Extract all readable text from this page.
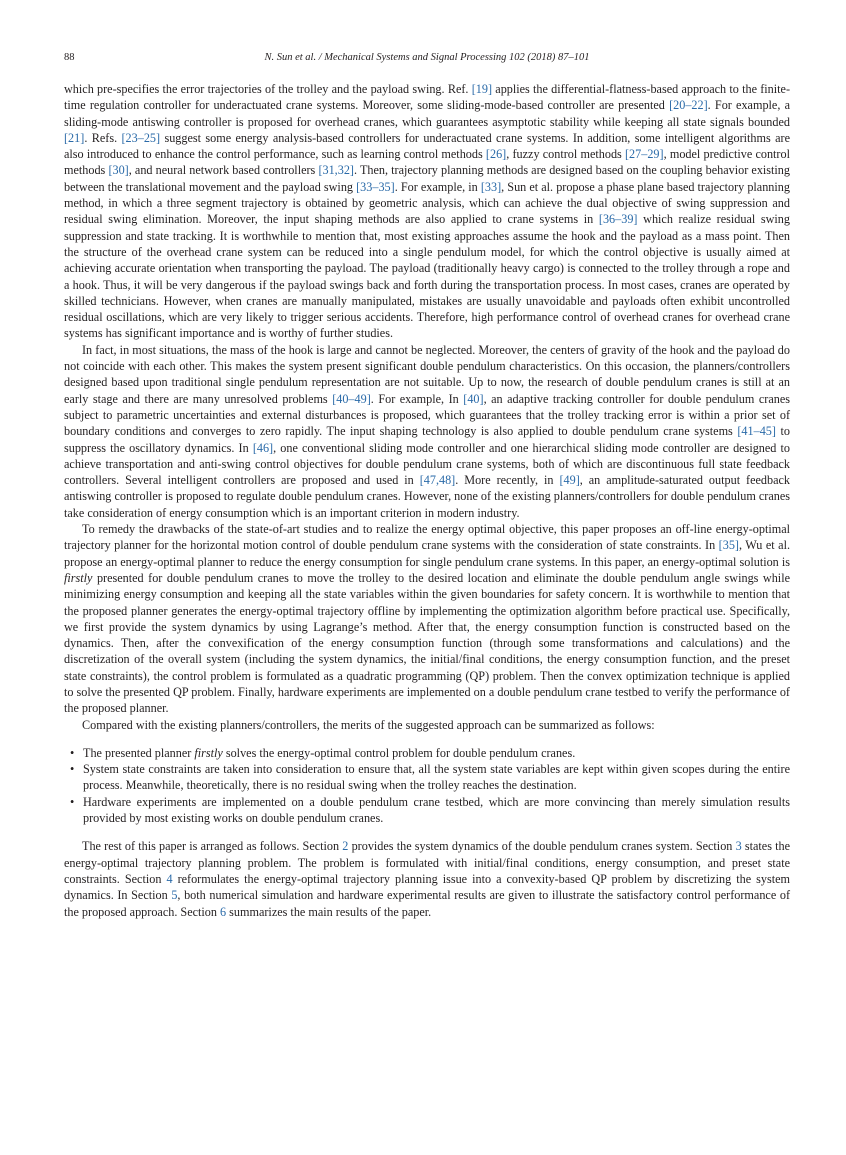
88	N. Sun et al. / Mechanical Systems and Signal Processing 102 (2018) 87–101

which pre-specifies the error trajectories of the trolley and the payload swing. Ref. [19] applies the differential-flatness-based approach to the finite-time regulation controller for underactuated crane systems. Moreover, some sliding-mode-based controller are presented [20–22]. For example, a sliding-mode antiswing controller is proposed for overhead cranes, which guarantees asymptotic stability while keeping all state signals bounded [21]. Refs. [23–25] suggest some energy analysis-based controllers for underactuated crane systems. In addition, some intelligent algorithms are also introduced to enhance the control performance, such as learning control methods [26], fuzzy control methods [27–29], model predictive control methods [30], and neural network based controllers [31,32]. Then, trajectory planning methods are designed based on the coupling behavior existing between the translational movement and the payload swing [33–35]. For example, in [33], Sun et al. propose a phase plane based trajectory planning method, in which a three segment trajectory is obtained by geometric analysis, which can achieve the dual objective of swing suppression and residual swing elimination. Moreover, the input shaping methods are also applied to crane systems in [36–39] which realize residual swing suppression and state tracking. It is worthwhile to mention that, most existing approaches assume the hook and the payload as a mass point. Then the structure of the overhead crane system can be reduced into a single pendulum model, for which the control objective is usually aimed at achieving accurate orientation when transporting the payload. The payload (traditionally heavy cargo) is connected to the trolley through a rope and a hook. Thus, it will be very dangerous if the payload swings back and forth during the transportation process. In most cases, cranes are operated by skilled technicians. However, when cranes are manually manipulated, mistakes are usually unavoidable and payloads often exhibit uncontrolled residual oscillations, which are very likely to trigger serious accidents. Therefore, high performance control of overhead cranes for overhead crane systems has significant importance and is worthy of further studies.

In fact, in most situations, the mass of the hook is large and cannot be neglected. Moreover, the centers of gravity of the hook and the payload do not coincide with each other. This makes the system present significant double pendulum characteristics. On this occasion, the planners/controllers designed based upon traditional single pendulum representation are not suitable. Up to now, the research of double pendulum cranes is still at an early stage and there are many unresolved problems [40–49]. For example, In [40], an adaptive tracking controller for double pendulum cranes subject to parametric uncertainties and external disturbances is proposed, which guarantees that the trolley tracking error is within a prior set of boundary conditions and converges to zero rapidly. The input shaping technology is also applied to double pendulum crane systems [41–45] to suppress the oscillatory dynamics. In [46], one conventional sliding mode controller and one hierarchical sliding mode controller are designed to achieve transportation and anti-swing control objectives for double pendulum crane systems, both of which are discontinuous full state feedback controllers. Several intelligent controllers are proposed and used in [47,48]. More recently, in [49], an amplitude-saturated output feedback antiswing controller is proposed to regulate double pendulum cranes. However, none of the existing planners/controllers for double pendulum cranes take consideration of energy consumption which is an important criterion in modern industry.

To remedy the drawbacks of the state-of-art studies and to realize the energy optimal objective, this paper proposes an off-line energy-optimal trajectory planner for the horizontal motion control of double pendulum crane systems with the consideration of state constraints. In [35], Wu et al. propose an energy-optimal planner to reduce the energy consumption for single pendulum crane systems. In this paper, an energy-optimal solution is firstly presented for double pendulum cranes to move the trolley to the desired location and eliminate the double pendulum angle swings while minimizing energy consumption and keeping all the state variables within the given boundaries for safety concern. It is worthwhile to mention that the proposed planner generates the energy-optimal trajectory offline by implementing the optimization algorithm before practical use. Specifically, we first provide the system dynamics by using Lagrange’s method. After that, the energy consumption function is constructed based on the dynamics. Then, after the convexification of the energy consumption function (through some transformations and calculations) and the discretization of the overall system (including the system dynamics, the initial/final conditions, the energy consumption function, and the preset state constraints), the control problem is formulated as a quadratic programming (QP) problem. Then the convex optimization technique is applied to solve the presented QP problem. Finally, hardware experiments are implemented on a double pendulum crane testbed to verify the performance of the proposed planner.

Compared with the existing planners/controllers, the merits of the suggested approach can be summarized as follows:

• The presented planner firstly solves the energy-optimal control problem for double pendulum cranes.
• System state constraints are taken into consideration to ensure that, all the system state variables are kept within given scopes during the entire process. Meanwhile, theoretically, there is no residual swing when the trolley reaches the destination.
• Hardware experiments are implemented on a double pendulum crane testbed, which are more convincing than merely simulation results provided by most existing works on double pendulum cranes.

The rest of this paper is arranged as follows. Section 2 provides the system dynamics of the double pendulum cranes system. Section 3 states the energy-optimal trajectory planning problem. The problem is formulated with initial/final conditions, energy consumption, and preset state constraints. Section 4 reformulates the energy-optimal trajectory planning issue into a convexity-based QP problem by discretizing the system dynamics. In Section 5, both numerical simulation and hardware experimental results are given to illustrate the satisfactory control performance of the proposed approach. Section 6 summarizes the main results of the paper.
